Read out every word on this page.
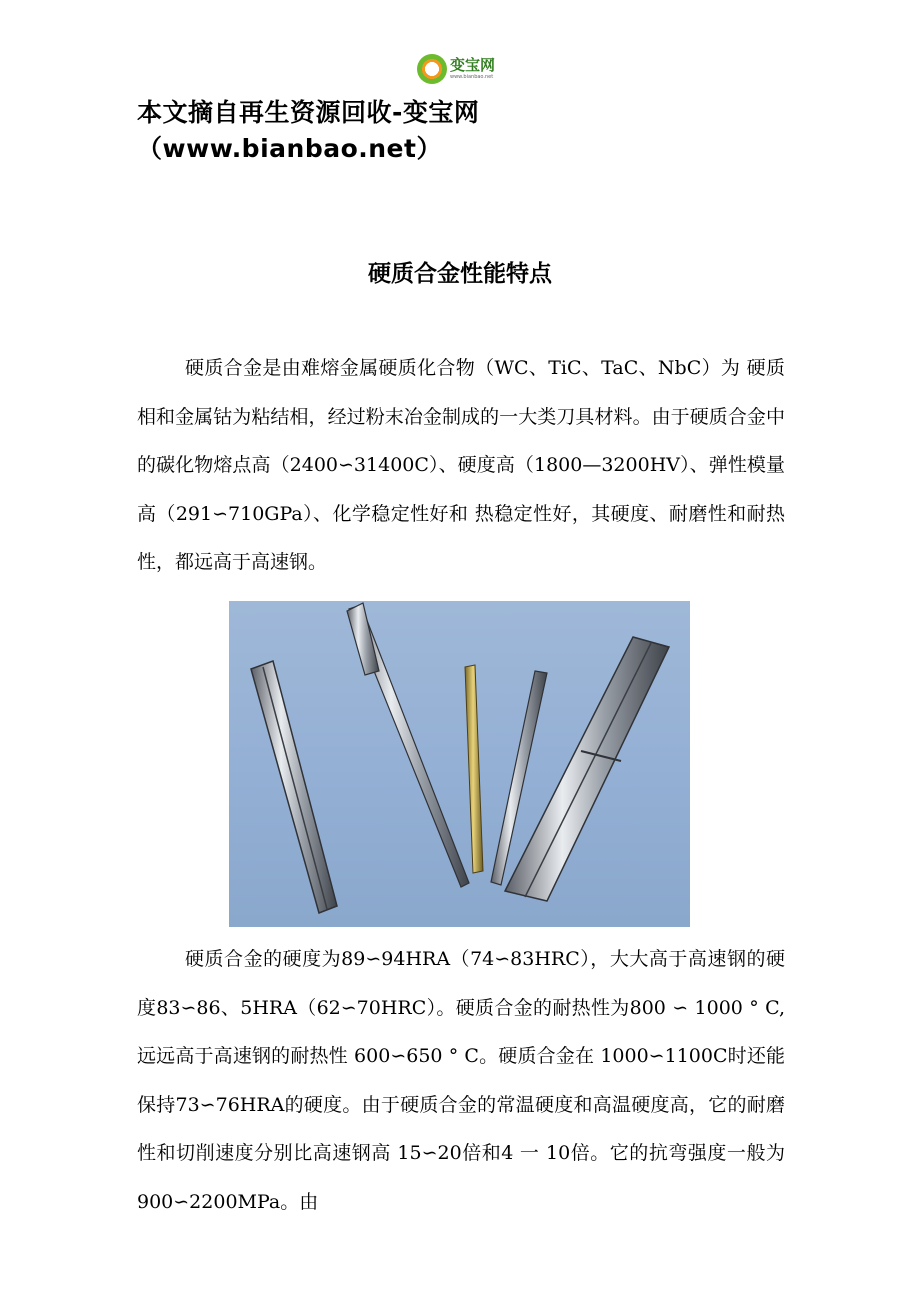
变宝网
www.bianbao.net
本文摘自再生资源回收-变宝网（www.bianbao.net）
硬质合金性能特点

硬质合金是由难熔金属硬质化合物（WC、TiC、TaC、NbC）为 硬质相和金属钴为粘结相，经过粉末冶金制成的一大类刀具材料。由于硬质合金中的碳化物熔点高（2400∽31400C）、硬度高（1800—3200HV）、弹性模量高（291∽710GPa）、化学稳定性好和 热稳定性好，其硬度、耐磨性和耐热性，都远高于高速钢。

硬质合金的硬度为89∽94HRA（74∽83HRC），大大高于高速钢的硬度83∽86、5HRA（62∽70HRC）。硬质合金的耐热性为800 ∽ 1000 ° C,远远高于高速钢的耐热性 600∽650 ° C。硬质合金在 1000∽1100C时还能保持73∽76HRA的硬度。由于硬质合金的常温硬度和高温硬度高，它的耐磨性和切削速度分别比高速钢高 15∽20倍和4 一 10倍。它的抗弯强度一般为900∽2200MPa。由
